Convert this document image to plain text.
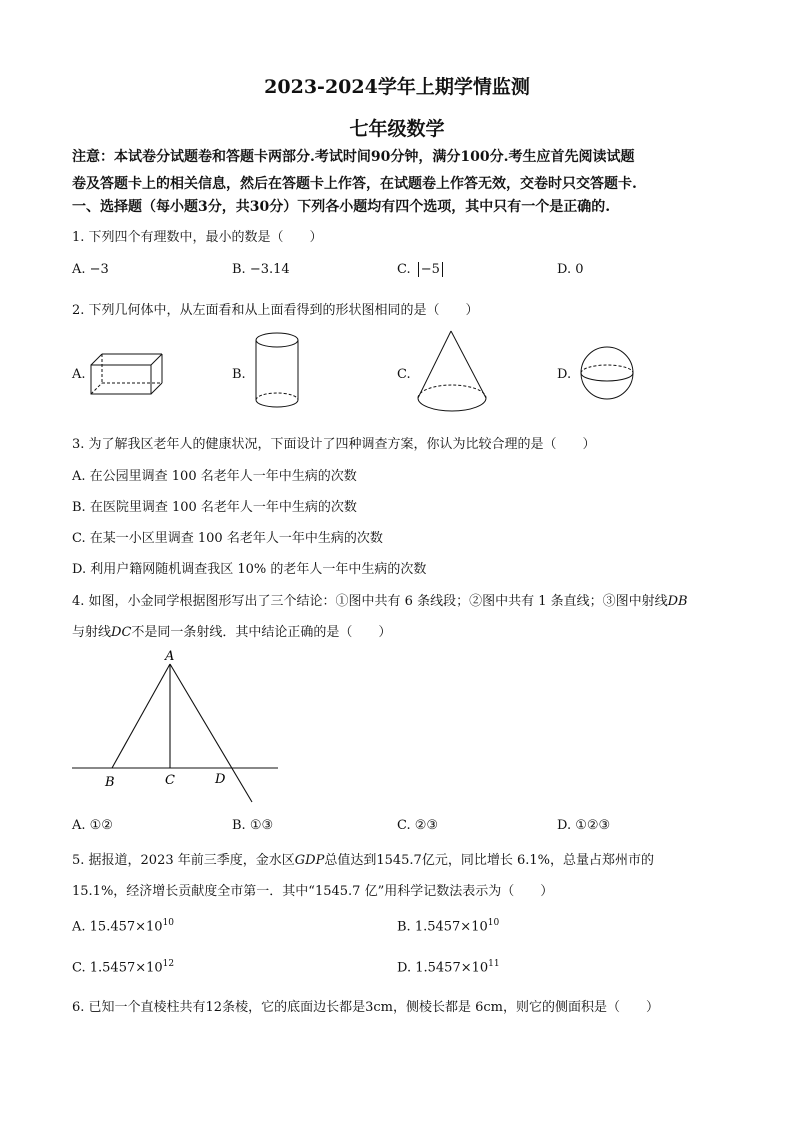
2023-2024学年上期学情监测
七年级数学
注意：本试卷分试题卷和答题卡两部分.考试时间90分钟，满分100分.考生应首先阅读试题
卷及答题卡上的相关信息，然后在答题卡上作答，在试题卷上作答无效，交卷时只交答题卡.
一、选择题（每小题3分，共30分）下列各小题均有四个选项，其中只有一个是正确的.
1. 下列四个有理数中，最小的数是（　　）
A. −3	B. −3.14	C. −5	D. 0
2. 下列几何体中，从左面看和从上面看得到的形状图相同的是（　　）
A.	B.	C.	D.
3. 为了解我区老年人的健康状况，下面设计了四种调查方案，你认为比较合理的是（　　）
A. 在公园里调查 100 名老年人一年中生病的次数
B. 在医院里调查 100 名老年人一年中生病的次数
C. 在某一小区里调查 100 名老年人一年中生病的次数
D. 利用户籍网随机调查我区 10% 的老年人一年中生病的次数
4. 如图，小金同学根据图形写出了三个结论：①图中共有 6 条线段；②图中共有 1 条直线；③图中射线DB
与射线DC不是同一条射线．其中结论正确的是（　　）
A
B	C	D
A. ①②	B. ①③	C. ②③	D. ①②③
5. 据报道，2023 年前三季度，金水区GDP总值达到1545.7亿元，同比增长 6.1%，总量占郑州市的
15.1%，经济增长贡献度全市第一．其中“1545.7 亿”用科学记数法表示为（　　）
A. $15.457\times 10^{10}$	B. $1.5457\times 10^{10}$
C. $1.5457\times 10^{12}$	D. $1.5457\times 10^{11}$
6. 已知一个直棱柱共有12条棱，它的底面边长都是3cm，侧棱长都是 6cm，则它的侧面积是（　　）
